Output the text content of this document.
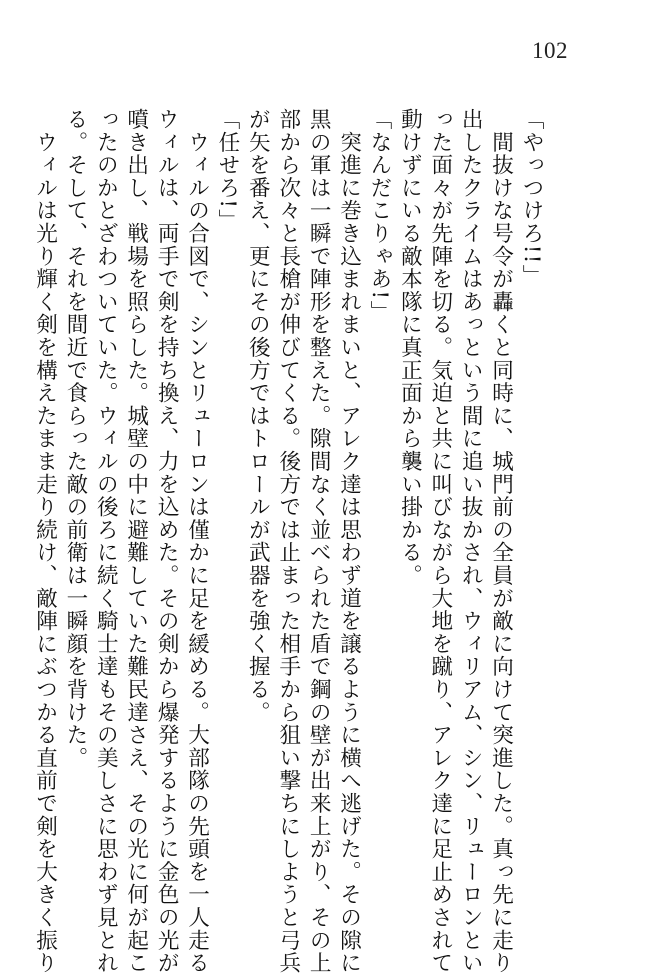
102
「やっつけろ!!」
　間抜けな号令が轟くと同時に、城門前の全員が敵に向けて突進した。真っ先に走り
出したクライムはあっという間に追い抜かされ、ウィリアム、シン、リューロンとい
った面々が先陣を切る。気迫と共に叫びながら大地を蹴り、アレク達に足止めされて
動けずにいる敵本隊に真正面から襲い掛かる。
「なんだこりゃあ!」
　突進に巻き込まれまいと、アレク達は思わず道を譲るように横へ逃げた。その隙に
黒の軍は一瞬で陣形を整えた。隙間なく並べられた盾で鋼の壁が出来上がり、その上
部から次々と長槍が伸びてくる。後方では止まった相手から狙い撃ちにしようと弓兵
が矢を番え、更にその後方ではトロールが武器を強く握る。
「任せろ!」
　ウィルの合図で、シンとリューロンは僅かに足を緩める。大部隊の先頭を一人走る
ウィルは、両手で剣を持ち換え、力を込めた。その剣から爆発するように金色の光が
噴き出し、戦場を照らした。城壁の中に避難していた難民達さえ、その光に何が起こ
ったのかとざわついていた。ウィルの後ろに続く騎士達もその美しさに思わず見とれ
る。そして、それを間近で食らった敵の前衛は一瞬顔を背けた。
　ウィルは光り輝く剣を構えたまま走り続け、敵陣にぶつかる直前で剣を大きく振り
